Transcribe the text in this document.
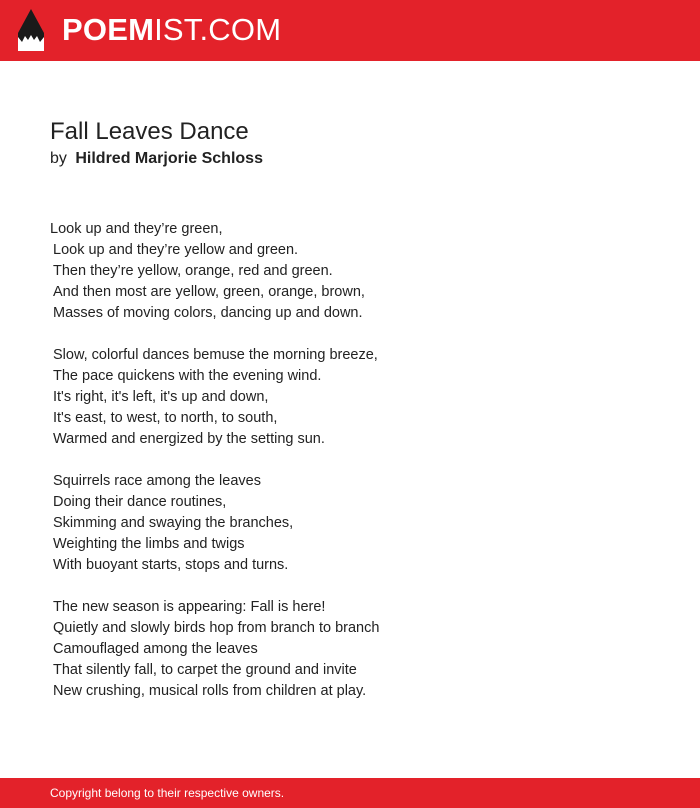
POEMIST.COM
Fall Leaves Dance
by Hildred Marjorie Schloss
Look up and they’re green,
Look up and they’re yellow and green.
Then they’re yellow, orange, red and green.
And then most are yellow, green, orange, brown,
Masses of moving colors, dancing up and down.
Slow, colorful dances bemuse the morning breeze,
The pace quickens with the evening wind.
It's right, it's left, it's up and down,
It's east, to west, to north, to south,
Warmed and energized by the setting sun.
Squirrels race among the leaves
Doing their dance routines,
Skimming and swaying the branches,
Weighting the limbs and twigs
With buoyant starts, stops and turns.
The new season is appearing: Fall is here!
Quietly and slowly birds hop from branch to branch
Camouflaged among the leaves
That silently fall, to carpet the ground and invite
New crushing, musical rolls from children at play.
Copyright belong to their respective owners.
